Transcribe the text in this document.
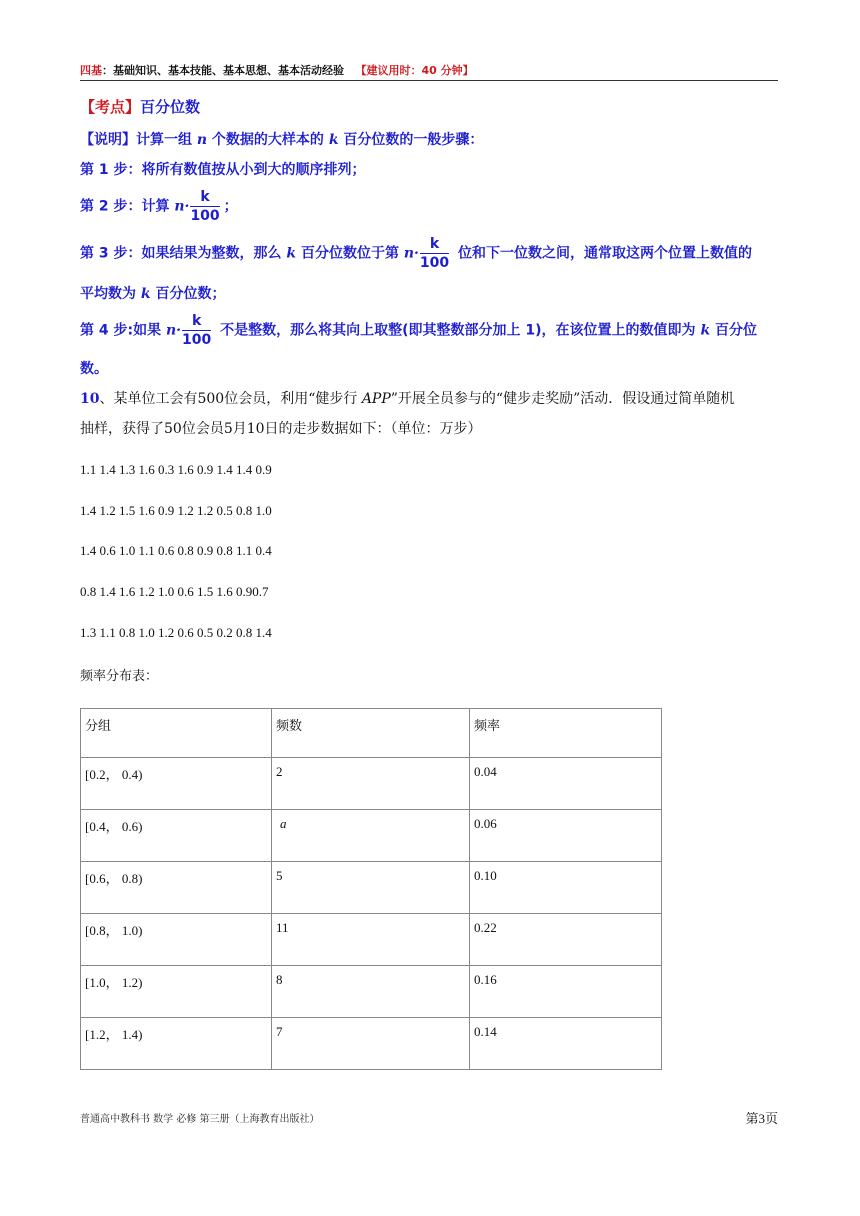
四基：基础知识、基本技能、基本思想、基本活动经验 【建议用时：40 分钟】
【考点】百分位数
【说明】计算一组 n 个数据的大样本的 k 百分位数的一般步骤：
第 1 步：将所有数值按从小到大的顺序排列；
第 2 步：计算 $n\cdot \frac{k}{100}$ ；
第 3 步：如果结果为整数，那么 k 百分位数位于第 $n\cdot \frac{k}{100}$ 位和下一位数之间，通常取这两个位置上数值的
平均数为 k 百分位数；
第 4 步:如果 $n\cdot \frac{k}{100}$ 不是整数，那么将其向上取整(即其整数部分加上 1)，在该位置上的数值即为 k 百分位
数。
10、某单位工会有500位会员，利用“健步行 APP”开展全员参与的“健步走奖励”活动．假设通过简单随机
抽样，获得了50位会员5月10日的走步数据如下：（单位：万步）
1.1 1.4 1.3 1.6 0.3 1.6 0.9 1.4 1.4 0.9
1.4 1.2 1.5 1.6 0.9 1.2 1.2 0.5 0.8 1.0
1.4 0.6 1.0 1.1 0.6 0.8 0.9 0.8 1.1 0.4
0.8 1.4 1.6 1.2 1.0 0.6 1.5 1.6 0.90.7
1.3 1.1 0.8 1.0 1.2 0.6 0.5 0.2 0.8 1.4
频率分布表：
分组	频数	频率
[0.2， 0.4)	2	0.04
[0.4， 0.6)	a	0.06
[0.6， 0.8)	5	0.10
[0.8， 1.0)	11	0.22
[1.0， 1.2)	8	0.16
[1.2， 1.4)	7	0.14
普通高中教科书 数学 必修 第三册（上海教育出版社）	第3页
